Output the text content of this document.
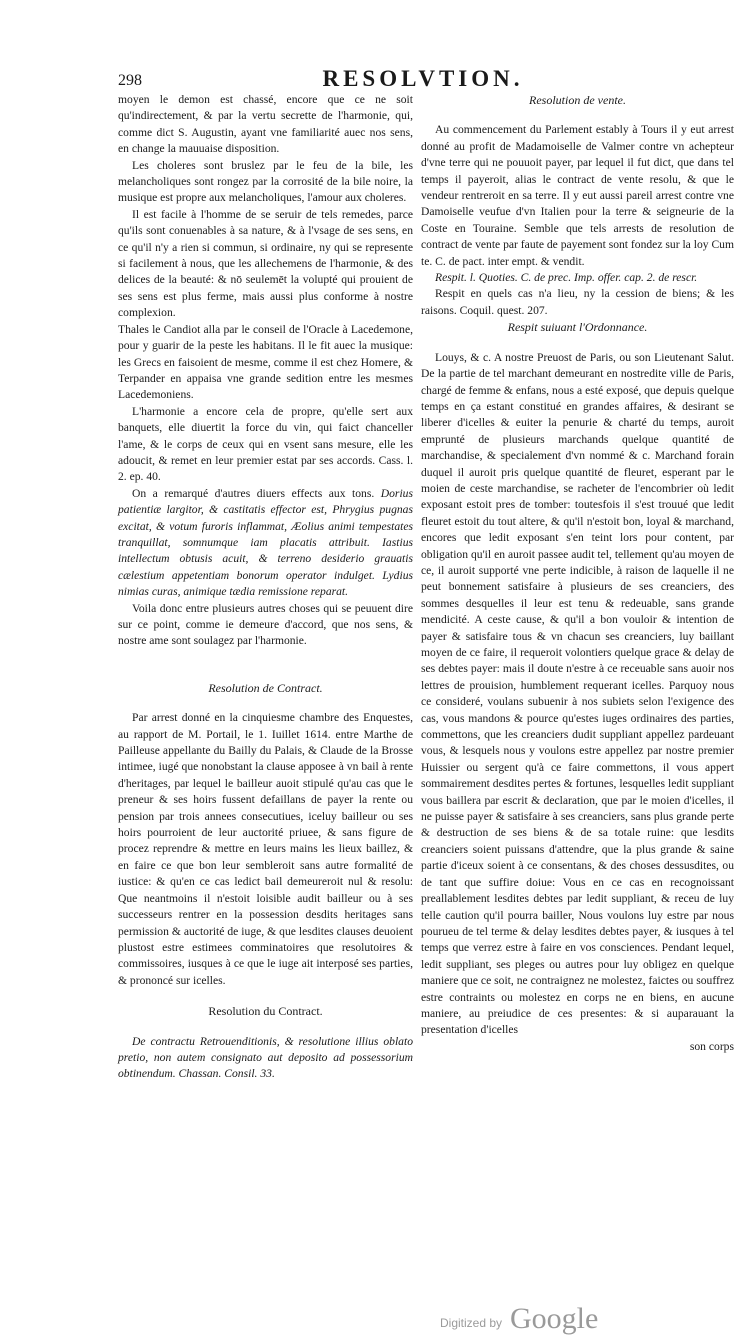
298	RESOLVTION.

moyen le demon est chassé, encore que ce ne soit qu'indirectement, & par la vertu secrette de l'harmonie, qui, comme dict S. Augustin, ayant vne familiarité auec nos sens, en change la mauuaise disposition.

Les choleres sont bruslez par le feu de la bile, les melancholiques sont rongez par la corrosité de la bile noire, la musique est propre aux melancholiques, l'amour aux choleres.

Il est facile à l'homme de se seruir de tels remedes, parce qu'ils sont conuenables à sa nature, & à l'vsage de ses sens, en ce qu'il n'y a rien si commun, si ordinaire, ny qui se represente si facilement à nous, que les allechemens de l'harmonie, & des delices de la beauté: & nō seulemēt la volupté qui prouient de ses sens est plus ferme, mais aussi plus conforme à nostre complexion.

Thales le Candiot alla par le conseil de l'Oracle à Lacedemone, pour y guarir de la peste les habitans. Il le fit auec la musique: les Grecs en faisoient de mesme, comme il est chez Homere, & Terpander en appaisa vne grande sedition entre les mesmes Lacedemoniens.

L'harmonie a encore cela de propre, qu'elle sert aux banquets, elle diuertit la force du vin, qui faict chanceller l'ame, & le corps de ceux qui en vsent sans mesure, elle les adoucit, & remet en leur premier estat par ses accords. Cass. l. 2. ep. 40.

On a remarqué d'autres diuers effects aux tons. Dorius patientiæ largitor, & castitatis effector est, Phrygius pugnas excitat, & votum furoris inflammat, Æolius animi tempestates tranquillat, somnumque iam placatis attribuit. Iastius intellectum obtusis acuit, & terreno desiderio grauatis cælestium appetentiam bonorum operator indulget. Lydius nimias curas, animique tædia remissione reparat.

Voila donc entre plusieurs autres choses qui se peuuent dire sur ce point, comme ie demeure d'accord, que nos sens, & nostre ame sont soulagez par l'harmonie.

Resolution de Contract.

Par arrest donné en la cinquiesme chambre des Enquestes, au rapport de M. Portail, le 1. Iuillet 1614. entre Marthe de Pailleuse appellante du Bailly du Palais, & Claude de la Brosse intimee, iugé que nonobstant la clause apposee à vn bail à rente d'heritages, par lequel le bailleur auoit stipulé qu'au cas que le preneur & ses hoirs fussent defaillans de payer la rente ou pension par trois annees consecutiues, iceluy bailleur ou ses hoirs pourroient de leur auctorité priuee, & sans figure de procez reprendre & mettre en leurs mains les lieux baillez, & en faire ce que bon leur sembleroit sans autre formalité de iustice: & qu'en ce cas ledict bail demeureroit nul & resolu: Que neantmoins il n'estoit loisible audit bailleur ou à ses successeurs rentrer en la possession desdits heritages sans permission & auctorité de iuge, & que lesdites clauses deuoient plustost estre estimees comminatoires que resolutoires & commissoires, iusques à ce que le iuge ait interposé ses parties, & prononcé sur icelles.

Resolution du Contract.

De contractu Retrouenditionis, & resolutione illius oblato pretio, non autem consignato aut deposito ad possessorium obtinendum. Chassan. Consil. 33.

Resolution de vente.

Au commencement du Parlement estably à Tours il y eut arrest donné au profit de Madamoiselle de Valmer contre vn achepteur d'vne terre qui ne pouuoit payer, par lequel il fut dict, que dans tel temps il payeroit, alias le contract de vente resolu, & que le vendeur rentreroit en sa terre. Il y eut aussi pareil arrest contre vne Damoiselle veufue d'vn Italien pour la terre & seigneurie de la Coste en Touraine. Semble que tels arrests de resolution de contract de vente par faute de payement sont fondez sur la loy Cum te. C. de pact. inter empt. & vendit.

Respit. l. Quoties. C. de prec. Imp. offer. cap. 2. de rescr.

Respit en quels cas n'a lieu, ny la cession de biens; & les raisons. Coquil. quest. 207.

Respit suiuant l'Ordonnance.

Louys, & c. A nostre Preuost de Paris, ou son Lieutenant Salut. De la partie de tel marchant demeurant en nostredite ville de Paris, chargé de femme & enfans, nous a esté exposé, que depuis quelque temps en ça estant constitué en grandes affaires, & desirant se liberer d'icelles & euiter la penurie & charté du temps, auroit emprunté de plusieurs marchands quelque quantité de marchandise, & specialement d'vn nommé & c. Marchand forain duquel il auroit pris quelque quantité de fleuret, esperant par le moien de ceste marchandise, se racheter de l'encombrier où ledit exposant estoit pres de tomber: toutesfois il s'est trouué que ledit fleuret estoit du tout altere, & qu'il n'estoit bon, loyal & marchand, encores que ledit exposant s'en teint lors pour content, par obligation qu'il en auroit passee audit tel, tellement qu'au moyen de ce, il auroit supporté vne perte indicible, à raison de laquelle il ne peut bonnement satisfaire à plusieurs de ses creanciers, des sommes desquelles il leur est tenu & redeuable, sans grande mendicité. A ceste cause, & qu'il a bon vouloir & intention de payer & satisfaire tous & vn chacun ses creanciers, luy baillant moyen de ce faire, il requeroit volontiers quelque grace & delay de ses debtes payer: mais il doute n'estre à ce receuable sans auoir nos lettres de prouision, humblement requerant icelles. Parquoy nous ce consideré, voulans subuenir à nos subiets selon l'exigence des cas, vous mandons & pource qu'estes iuges ordinaires des parties, commettons, que les creanciers dudit suppliant appellez pardeuant vous, & lesquels nous y voulons estre appellez par nostre premier Huissier ou sergent qu'à ce faire commettons, il vous appert sommairement desdites pertes & fortunes, lesquelles ledit suppliant vous baillera par escrit & declaration, que par le moien d'icelles, il ne puisse payer & satisfaire à ses creanciers, sans plus grande perte & destruction de ses biens & de sa totale ruine: que lesdits creanciers soient puissans d'attendre, que la plus grande & saine partie d'iceux soient à ce consentans, & des choses dessusdites, ou de tant que suffire doiue: Vous en ce cas en recognoissant preallablement lesdites debtes par ledit suppliant, & receu de luy telle caution qu'il pourra bailler, Nous voulons luy estre par nous pourueu de tel terme & delay lesdites debtes payer, & iusques à tel temps que verrez estre à faire en vos consciences. Pendant lequel, ledit suppliant, ses pleges ou autres pour luy obligez en quelque maniere que ce soit, ne contraignez ne molestez, faictes ou souffrez estre contraints ou molestez en corps ne en biens, en aucune maniere, au preiudice de ces presentes: & si auparauant la presentation d'icelles

son corps
Digitized by Google
